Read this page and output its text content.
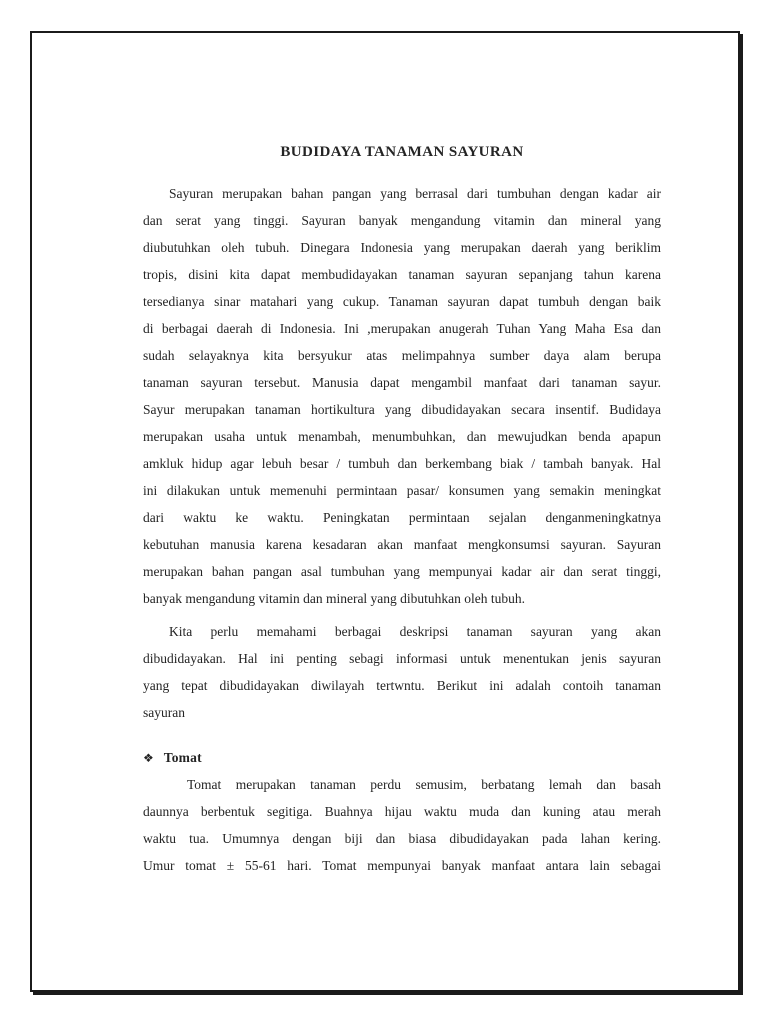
BUDIDAYA TANAMAN SAYURAN
Sayuran merupakan bahan pangan yang berrasal dari tumbuhan dengan kadar air
dan serat yang tinggi. Sayuran banyak mengandung vitamin dan mineral yang
diubutuhkan oleh tubuh. Dinegara Indonesia yang merupakan daerah yang beriklim
tropis, disini kita dapat membudidayakan tanaman sayuran sepanjang tahun karena
tersedianya sinar matahari yang cukup. Tanaman sayuran dapat tumbuh dengan baik
di berbagai daerah di Indonesia. Ini ,merupakan anugerah Tuhan Yang Maha Esa dan
sudah selayaknya kita bersyukur atas melimpahnya sumber daya alam berupa
tanaman sayuran tersebut. Manusia dapat mengambil manfaat dari tanaman sayur.
Sayur merupakan tanaman hortikultura yang dibudidayakan secara insentif. Budidaya
merupakan usaha untuk menambah, menumbuhkan, dan mewujudkan benda apapun
amkluk hidup agar lebuh besar / tumbuh dan berkembang biak / tambah banyak. Hal
ini dilakukan untuk memenuhi permintaan pasar/ konsumen yang semakin meningkat
dari waktu ke waktu. Peningkatan permintaan sejalan denganmeningkatnya
kebutuhan manusia karena kesadaran akan manfaat mengkonsumsi sayuran. Sayuran
merupakan bahan pangan asal tumbuhan yang mempunyai kadar air dan serat tinggi,
banyak mengandung vitamin dan mineral yang dibutuhkan oleh tubuh.
Kita perlu memahami berbagai deskripsi tanaman sayuran yang akan
dibudidayakan. Hal ini penting sebagi informasi untuk menentukan jenis sayuran
yang tepat dibudidayakan diwilayah tertwntu. Berikut ini adalah contoih tanaman
sayuran
❖ Tomat
Tomat merupakan tanaman perdu semusim, berbatang lemah dan basah
daunnya berbentuk segitiga. Buahnya hijau waktu muda dan kuning atau merah
waktu tua. Umumnya dengan biji dan biasa dibudidayakan pada lahan kering.
Umur tomat ± 55-61 hari. Tomat mempunyai banyak manfaat antara lain sebagai
